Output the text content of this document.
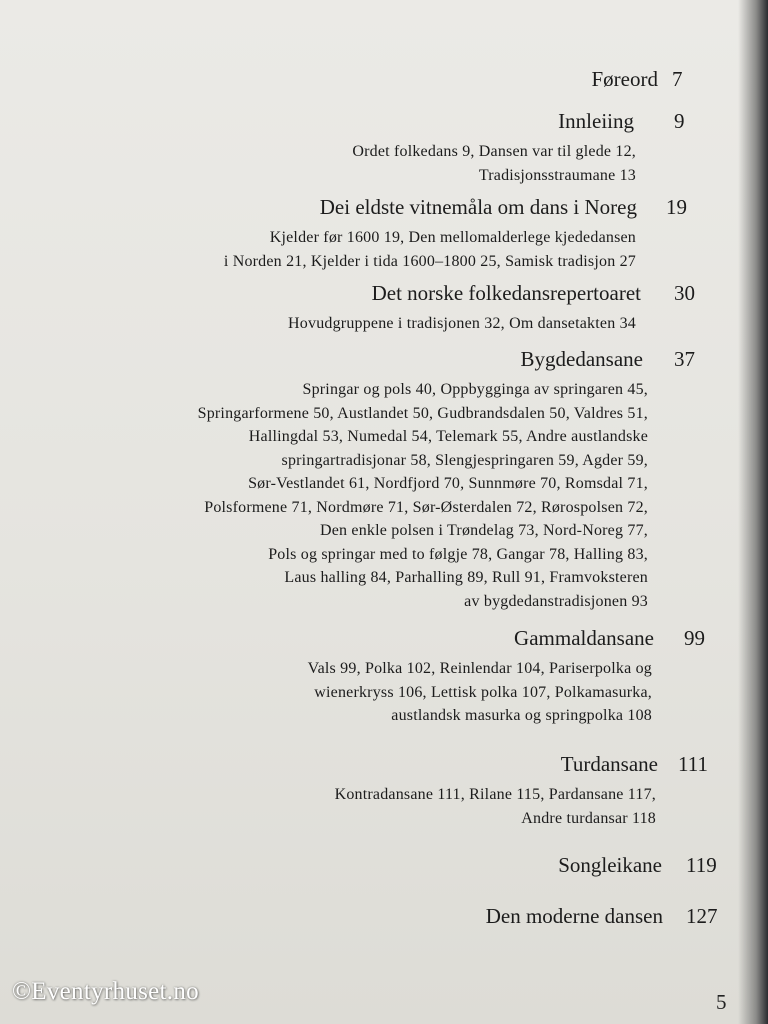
Føreord 7
Innleiing 9
Ordet folkedans 9, Dansen var til glede 12,
Tradisjonsstraumane 13
Dei eldste vitnemåla om dans i Noreg 19
Kjelder før 1600 19, Den mellomalderlege kjededansen
i Norden 21, Kjelder i tida 1600–1800 25, Samisk tradisjon 27
Det norske folkedansrepertoaret 30
Hovudgruppene i tradisjonen 32, Om dansetakten 34
Bygdedansane 37
Springar og pols 40, Oppbygginga av springaren 45,
Springarformene 50, Austlandet 50, Gudbrandsdalen 50, Valdres 51,
Hallingdal 53, Numedal 54, Telemark 55, Andre austlandske
springartradisjonar 58, Slengjespringaren 59, Agder 59,
Sør-Vestlandet 61, Nordfjord 70, Sunnmøre 70, Romsdal 71,
Polsformene 71, Nordmøre 71, Sør-Østerdalen 72, Rørospolsen 72,
Den enkle polsen i Trøndelag 73, Nord-Noreg 77,
Pols og springar med to følgje 78, Gangar 78, Halling 83,
Laus halling 84, Parhalling 89, Rull 91, Framvoksteren
av bygdedanstradisjonen 93
Gammaldansane 99
Vals 99, Polka 102, Reinlendar 104, Pariserpolka og
wienerkryss 106, Lettisk polka 107, Polkamasurka,
austlandsk masurka og springpolka 108
Turdansane 111
Kontradansane 111, Rilane 115, Pardansane 117,
Andre turdansar 118
Songleikane 119
Den moderne dansen 127
©Eventyrhuset.no	5
